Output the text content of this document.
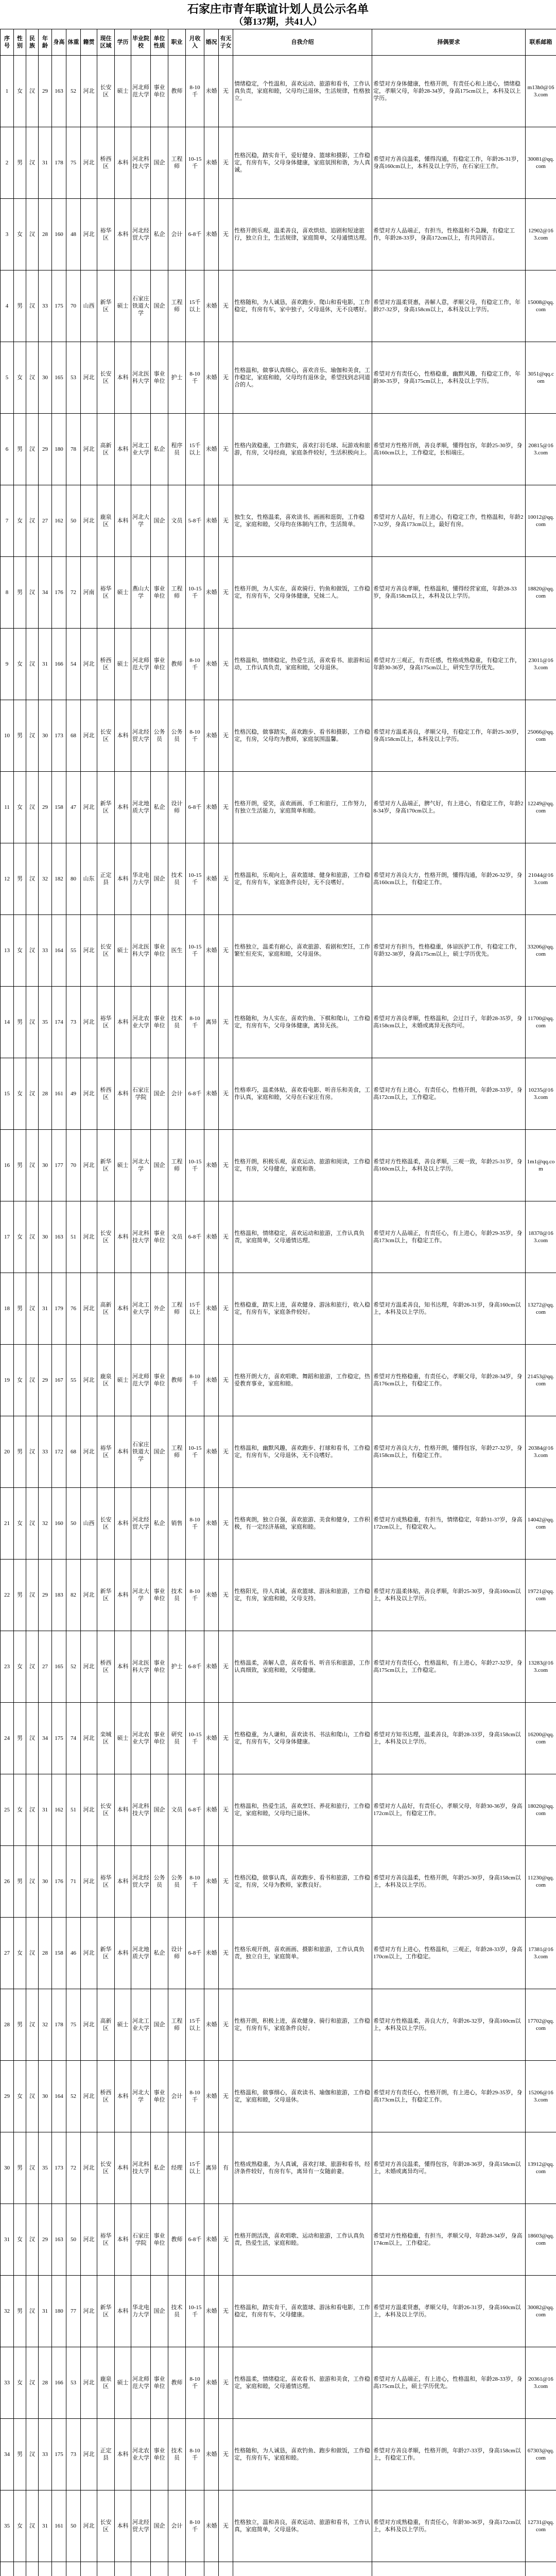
石家庄市青年联谊计划人员公示名单
（第137期，共41人）
序号	性别	民族	年龄	身高	体重	籍贯	现住区域	学历	毕业院校	单位性质	职业	月收入	婚况	有无子女	自我介绍	择偶要求	联系邮箱

1	女	汉	29	163	52	河北	长安区	硕士	河北师范大学	事业单位	教师	8-10千	未婚	无	情绪稳定，个性温和，喜欢运动、旅游和看书，工作认真负责，家庭和睦，父母均已退休，生活规律，性格独立。	希望对方身体健康，性格开朗，有责任心和上进心，情绪稳定，孝顺父母，年龄28-34岁，身高175cm以上，本科及以上学历。	m13h0@163.com

2	男	汉	31	178	75	河北	桥西区	本科	河北科技大学	国企	工程师	10-15千	未婚	无	性格沉稳，踏实肯干，爱好健身、篮球和摄影，工作稳定，有房有车，父母身体健康，家庭氛围和谐，为人真诚。	希望对方善良温柔，懂得沟通，有稳定工作，年龄26-31岁，身高160cm以上，本科及以上学历，在石家庄工作。	30081@qq.com

3	女	汉	28	160	48	河北	裕华区	本科	河北经贸大学	私企	会计	6-8千	未婚	无	性格开朗乐观，温柔善良，喜欢烘焙、追剧和短途旅行，独立自主，生活规律，家庭简单，父母通情达理。	希望对方人品端正，有担当，性格温和不急躁，有稳定工作，年龄28-33岁，身高172cm以上，有共同语言。	12902@163.com

4	男	汉	33	175	70	山西	新华区	硕士	石家庄铁道大学	国企	工程师	15千以上	未婚	无	性格随和，为人诚恳，喜欢跑步、爬山和看电影，工作稳定，有房有车，家中独子，父母退休，无不良嗜好。	希望对方温柔贤惠，善解人意，孝顺父母，有稳定工作，年龄27-32岁，身高158cm以上，本科及以上学历。	15008@qq.com

5	女	汉	30	165	53	河北	长安区	本科	河北医科大学	事业单位	护士	8-10千	未婚	无	性格温和，做事认真细心，喜欢音乐、瑜伽和美食，工作稳定，家庭和睦，父母均有退休金，希望找到志同道合的人。	希望对方有责任心，性格稳重，幽默风趣，有稳定工作，年龄30-35岁，身高175cm以上，本科及以上学历。	3051@qq.com

6	男	汉	29	180	78	河北	高新区	本科	河北工业大学	私企	程序员	15千以上	未婚	无	性格内敛稳重，工作踏实，喜欢打羽毛球、玩游戏和旅游，有房，父母经商，家庭条件较好，生活积极向上。	希望对方性格开朗，善良孝顺，懂得包容，年龄25-30岁，身高160cm以上，工作稳定，长相端庄。	20815@163.com

7	女	汉	27	162	50	河北	鹿泉区	本科	河北大学	国企	文员	5-8千	未婚	无	独生女，性格温柔，喜欢读书、画画和逛街，工作稳定，家庭和睦，父母均在体制内工作，生活简单。	希望对方人品好，有上进心，有稳定工作，性格温和，年龄27-32岁，身高173cm以上，最好有房。	10012@qq.com

8	男	汉	34	176	72	河南	裕华区	硕士	燕山大学	事业单位	工程师	10-15千	未婚	无	性格开朗，为人实在，喜欢骑行、钓鱼和做饭，工作稳定，有房有车，父母身体健康，兄妹二人。	希望对方善良孝顺，性格温和，懂得经营家庭，年龄28-33岁，身高158cm以上，本科及以上学历。	18820@qq.com

9	女	汉	31	166	54	河北	桥西区	硕士	河北师范大学	事业单位	教师	8-10千	未婚	无	性格温和，情绪稳定，热爱生活，喜欢看书、旅游和运动，工作认真负责，家庭和睦，父母退休。	希望对方三观正，有责任感，性格成熟稳重，有稳定工作，年龄30-36岁，身高175cm以上，研究生学历优先。	23011@163.com

10	男	汉	30	173	68	河北	长安区	本科	河北经贸大学	公务员	公务员	8-10千	未婚	无	性格沉稳，做事踏实，喜欢跑步、看书和摄影，工作稳定，有房，父母均为教师，家庭氛围温馨。	希望对方温柔善良，孝顺父母，有稳定工作，年龄25-30岁，身高158cm以上，本科及以上学历。	25066@qq.com

11	女	汉	29	158	47	河北	新华区	本科	河北地质大学	私企	设计师	6-8千	未婚	无	性格开朗，爱笑，喜欢画画、手工和旅行，工作努力，有独立生活能力，家庭简单和睦。	希望对方人品端正，脾气好，有上进心，有稳定工作，年龄28-34岁，身高170cm以上。	12249@qq.com

12	男	汉	32	182	80	山东	正定县	本科	华北电力大学	国企	技术员	10-15千	未婚	无	性格温和，乐观向上，喜欢篮球、健身和旅游，工作稳定，有房有车，家庭条件良好，无不良嗜好。	希望对方善良大方，性格开朗，懂得沟通，年龄26-32岁，身高160cm以上，有稳定工作。	21044@163.com

13	女	汉	33	164	55	河北	长安区	硕士	河北医科大学	事业单位	医生	10-15千	未婚	无	性格独立，温柔有耐心，喜欢旅游、看剧和烹饪，工作繁忙但充实，家庭和睦，父母退休。	希望对方有担当，性格稳重，体谅医护工作，有稳定工作，年龄32-38岁，身高175cm以上，硕士学历优先。	33206@qq.com

14	男	汉	35	174	73	河北	裕华区	本科	河北农业大学	事业单位	技术员	8-10千	离异	无	性格随和，为人实在，喜欢钓鱼、下棋和爬山，工作稳定，有房有车，父母身体健康，离异无孩。	希望对方善良孝顺，性格温和，会过日子，年龄28-35岁，身高158cm以上，未婚或离异无孩均可。	11700@qq.com

15	女	汉	28	161	49	河北	桥西区	本科	石家庄学院	国企	会计	6-8千	未婚	无	性格乖巧，温柔体贴，喜欢看电影、听音乐和美食，工作认真，家庭和睦，父母在石家庄有房。	希望对方有上进心，有责任心，性格开朗，年龄28-33岁，身高172cm以上，工作稳定。	10235@163.com

16	男	汉	30	177	70	河北	新华区	硕士	河北大学	国企	工程师	10-15千	未婚	无	性格开朗，积极乐观，喜欢运动、旅游和阅读，工作稳定，有房，父母健在，家庭和谐。	希望对方性格温柔，善良孝顺，三观一致，年龄25-31岁，身高160cm以上，本科及以上学历。	1m1@qq.com

17	女	汉	30	163	51	河北	长安区	本科	河北科技大学	事业单位	文员	6-8千	未婚	无	性格温和，情绪稳定，喜欢运动和旅游，工作认真负责，家庭简单，父母通情达理。	希望对方人品端正，有责任心，有上进心，年龄29-35岁，身高173cm以上，有稳定工作。	18370@163.com

18	男	汉	31	179	76	河北	高新区	本科	河北工业大学	外企	工程师	15千以上	未婚	无	性格稳重，踏实上进，喜欢健身、游泳和旅行，收入稳定，有房有车，家庭条件较好。	希望对方温柔善良，知书达理，年龄26-31岁，身高160cm以上，本科及以上学历。	13272@qq.com

19	女	汉	29	167	55	河北	鹿泉区	硕士	河北师范大学	事业单位	教师	8-10千	未婚	无	性格开朗大方，喜欢唱歌、舞蹈和旅游，工作稳定，热爱教育事业，家庭和睦。	希望对方性格稳重，有责任心，孝顺父母，年龄28-34岁，身高176cm以上，有稳定工作。	21453@qq.com

20	男	汉	33	172	68	河北	裕华区	本科	石家庄铁道大学	国企	工程师	10-15千	未婚	无	性格温和，幽默风趣，喜欢跑步、打球和看书，工作稳定，有房有车，父母退休，无不良嗜好。	希望对方善良大方，性格开朗，懂得包容，年龄27-32岁，身高158cm以上，有稳定工作。	20384@163.com

21	女	汉	32	160	50	山西	长安区	本科	河北经贸大学	私企	销售	8-10千	未婚	无	性格爽朗，独立自强，喜欢旅游、美食和健身，工作积极，有一定经济基础，家庭和睦。	希望对方成熟稳重，有担当，情绪稳定，年龄31-37岁，身高172cm以上，有稳定收入。	14042@qq.com

22	男	汉	29	183	82	河北	新华区	本科	河北大学	事业单位	技术员	8-10千	未婚	无	性格阳光，待人真诚，喜欢篮球、游泳和旅游，工作稳定，有房，家庭和睦，父母支持。	希望对方温柔体贴，善良孝顺，年龄25-30岁，身高160cm以上，本科及以上学历。	19721@qq.com

23	女	汉	27	165	52	河北	桥西区	本科	河北医科大学	事业单位	护士	6-8千	未婚	无	性格温柔，善解人意，喜欢看书、听音乐和旅游，工作认真细致，家庭和睦，父母健康。	希望对方有责任心，性格温和，有上进心，年龄27-32岁，身高175cm以上，工作稳定。	13283@163.com

24	男	汉	34	175	74	河北	栾城区	硕士	河北农业大学	事业单位	研究员	10-15千	未婚	无	性格稳重，为人谦和，喜欢读书、书法和爬山，工作稳定，有房有车，父母身体健康。	希望对方知书达理，温柔善良，年龄28-33岁，身高158cm以上，本科及以上学历。	16200@qq.com

25	女	汉	31	162	51	河北	长安区	本科	河北科技大学	国企	文员	6-8千	未婚	无	性格温和，热爱生活，喜欢烹饪、养花和旅行，工作稳定，家庭和睦，父母均已退休。	希望对方人品好，有责任心，孝顺父母，年龄30-36岁，身高172cm以上，有稳定工作。	18020@qq.com

26	男	汉	30	176	71	河北	裕华区	本科	河北经贸大学	公务员	公务员	8-10千	未婚	无	性格沉稳，做事认真，喜欢跑步、看书和旅游，工作稳定，有房，父母为教师，家教良好。	希望对方善良温柔，性格开朗，年龄25-30岁，身高158cm以上，本科及以上学历。	11230@qq.com

27	女	汉	28	158	46	河北	新华区	本科	河北地质大学	私企	设计师	6-8千	未婚	无	性格乐观开朗，喜欢画画、摄影和旅游，工作认真负责，独立自主，家庭简单。	希望对方有上进心，性格温和，三观正，年龄28-33岁，身高170cm以上，工作稳定。	17381@163.com

28	男	汉	32	178	75	河北	高新区	硕士	河北工业大学	国企	工程师	15千以上	未婚	无	性格开朗，积极上进，喜欢健身、骑行和旅游，工作稳定，有房有车，家庭条件良好。	希望对方性格温柔，善良大方，年龄26-32岁，身高160cm以上，本科及以上学历。	17702@qq.com

29	女	汉	30	164	52	河北	桥西区	本科	河北大学	事业单位	会计	8-10千	未婚	无	性格温和，做事细心，喜欢读书、瑜伽和旅游，工作稳定，家庭和睦，父母退休。	希望对方有责任心，性格开朗，有上进心，年龄29-35岁，身高173cm以上，有稳定工作。	15206@163.com

30	男	汉	35	173	72	河北	长安区	本科	河北科技大学	私企	经理	15千以上	离异	有	性格成熟稳重，为人真诚，喜欢打球、旅游和看书，经济条件较好，有房有车，离异有一女随前妻。	希望对方善良温柔，懂得包容，年龄28-36岁，身高158cm以上，未婚或离异均可。	13912@qq.com

31	女	汉	29	163	50	河北	裕华区	本科	石家庄学院	事业单位	教师	6-8千	未婚	无	性格开朗活泼，喜欢唱歌、运动和旅游，工作认真负责，热爱生活，家庭和睦。	希望对方性格稳重，有担当，孝顺父母，年龄28-34岁，身高174cm以上，工作稳定。	18603@qq.com

32	男	汉	31	180	77	河北	新华区	本科	华北电力大学	国企	技术员	10-15千	未婚	无	性格温和，踏实肯干，喜欢篮球、游泳和看电影，工作稳定，有房有车，父母健康。	希望对方温柔贤惠，孝顺父母，年龄26-31岁，身高160cm以上，本科及以上学历。	30082@qq.com

33	女	汉	28	166	53	河北	鹿泉区	硕士	河北师范大学	事业单位	教师	8-10千	未婚	无	性格温柔，情绪稳定，喜欢看书、旅游和美食，工作稳定，家庭和睦，父母通情达理。	希望对方人品端正，有上进心，性格温和，年龄28-33岁，身高175cm以上，硕士学历优先。	20361@163.com

34	男	汉	33	175	73	河北	正定县	本科	河北农业大学	事业单位	技术员	8-10千	未婚	无	性格随和，为人诚恳，喜欢钓鱼、跑步和做饭，工作稳定，有房有车，家庭和睦。	希望对方善良孝顺，性格开朗，年龄27-33岁，身高158cm以上，有稳定工作。	67303@qq.com

35	女	汉	31	161	50	河北	长安区	本科	河北经贸大学	国企	会计	8-10千	未婚	无	性格独立，温和善良，喜欢运动、旅游和看书，工作认真，家庭简单，父母退休。	希望对方成熟稳重，有责任心，年龄30-36岁，身高172cm以上，本科及以上学历。	12731@qq.com
